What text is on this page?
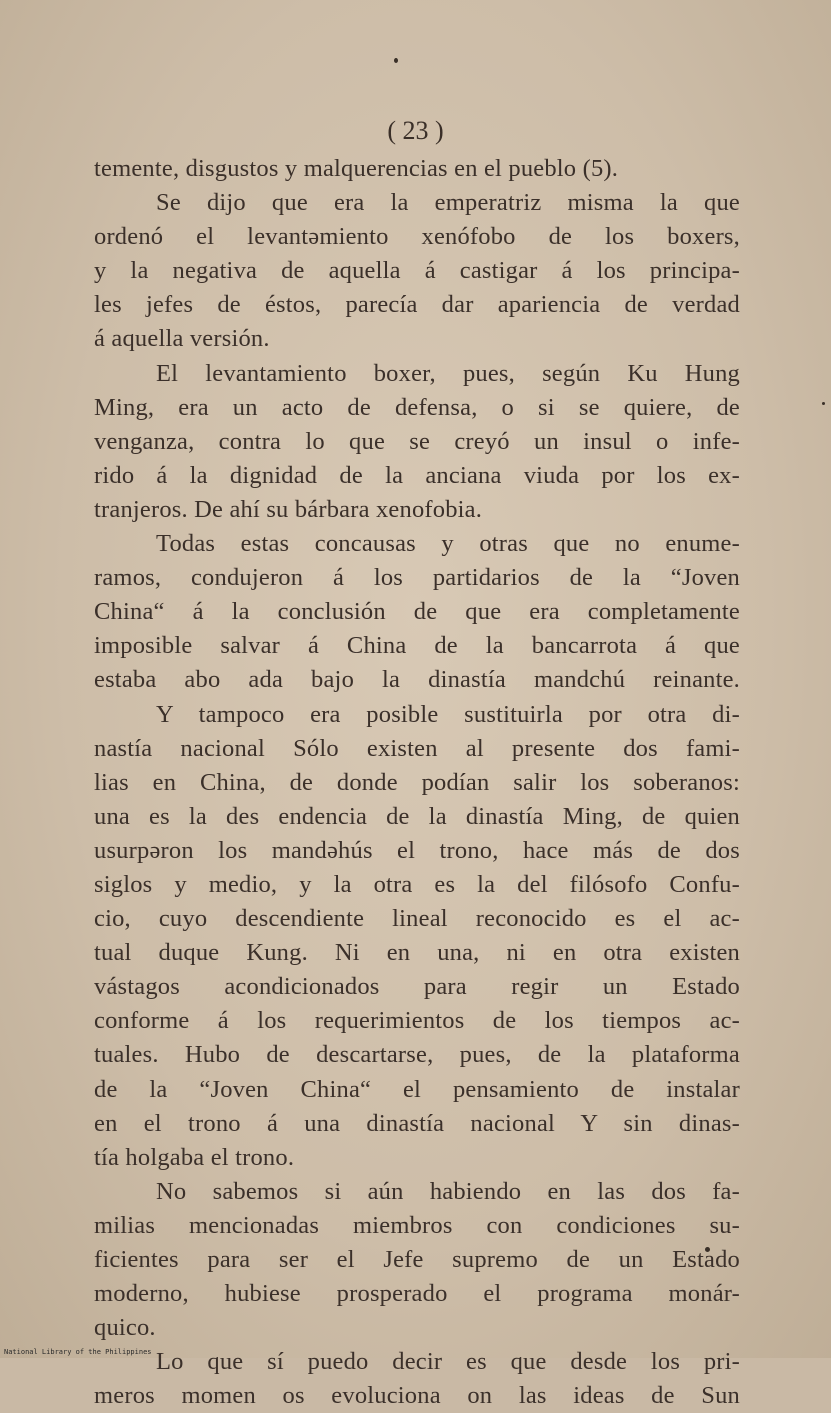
( 23 )
temente, disgustos y malquerencias en el pueblo (5).
Se dijo que era la emperatriz misma la que
ordenó el levantəmiento xenófobo de los boxers,
y la negativa de aquella á castigar á los principa-
les jefes de éstos, parecía dar apariencia de verdad
á aquella versión.
El levantamiento boxer, pues, según Ku Hung
Ming, era un acto de defensa, o si se quiere, de
venganza, contra lo que se creyó un insul o infe-
rido á la dignidad de la anciana viuda por los ex-
tranjeros. De ahí su bárbara xenofobia.
Todas estas concausas y otras que no enume-
ramos, condujeron á los partidarios de la “Joven
China“ á la conclusión de que era completamente
imposible salvar á China de la bancarrota á que
estaba abo ada bajo la dinastía mandchú reinante.
Y tampoco era posible sustituirla por otra di-
nastía nacional Sólo existen al presente dos fami-
lias en China, de donde podían salir los soberanos:
una es la des endencia de la dinastía Ming, de quien
usurpəron los mandəhús el trono, hace más de dos
siglos y medio, y la otra es la del filósofo Confu-
cio, cuyo descendiente lineal reconocido es el ac-
tual duque Kung. Ni en una, ni en otra existen
vástagos acondicionados para regir un Estado
conforme á los requerimientos de los tiempos ac-
tuales. Hubo de descartarse, pues, de la plataforma
de la “Joven China“ el pensamiento de instalar
en el trono á una dinastía nacional Y sin dinas-
tía holgaba el trono.
No sabemos si aún habiendo en las dos fa-
milias mencionadas miembros con condiciones su-
ficientes para ser el Jefe supremo de un Estado
moderno, hubiese prosperado el programa monár-
quico.
Lo que sí puedo decir es que desde los pri-
meros momen os evoluciona on las ideas de Sun
National Library of the Philippines
